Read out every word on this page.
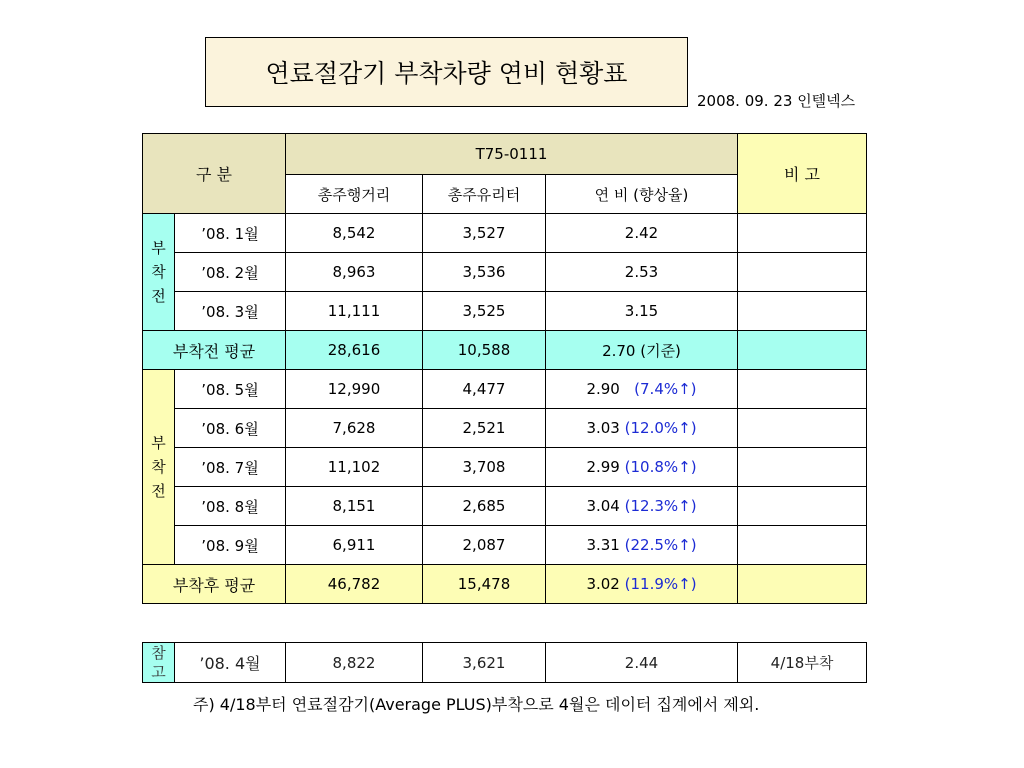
연료절감기 부착차량 연비 현황표
2008. 09. 23 인텔넥스
구 분		T75-0111			비 고
		총주행거리	총주유리터	연 비 (향상율)	

부
착
전	’08. 1월	8,542	3,527	2.42	
	’08. 2월	8,963	3,536	2.53	
	’08. 3월	11,111	3,525	3.15	
부착전 평균		28,616	10,588	2.70 (기준)	

부
착
전	’08. 5월	12,990	4,477	2.90 (7.4%↑)	
	’08. 6월	7,628	2,521	3.03 (12.0%↑)	
	’08. 7월	11,102	3,708	2.99 (10.8%↑)	
	’08. 8월	8,151	2,685	3.04 (12.3%↑)	
	’08. 9월	6,911	2,087	3.31 (22.5%↑)	
부착후 평균		46,782	15,478	3.02 (11.9%↑)	
참
고	’08. 4월	8,822	3,621	2.44	4/18부착
주) 4/18부터 연료절감기(Average PLUS)부착으로 4월은 데이터 집계에서 제외.
